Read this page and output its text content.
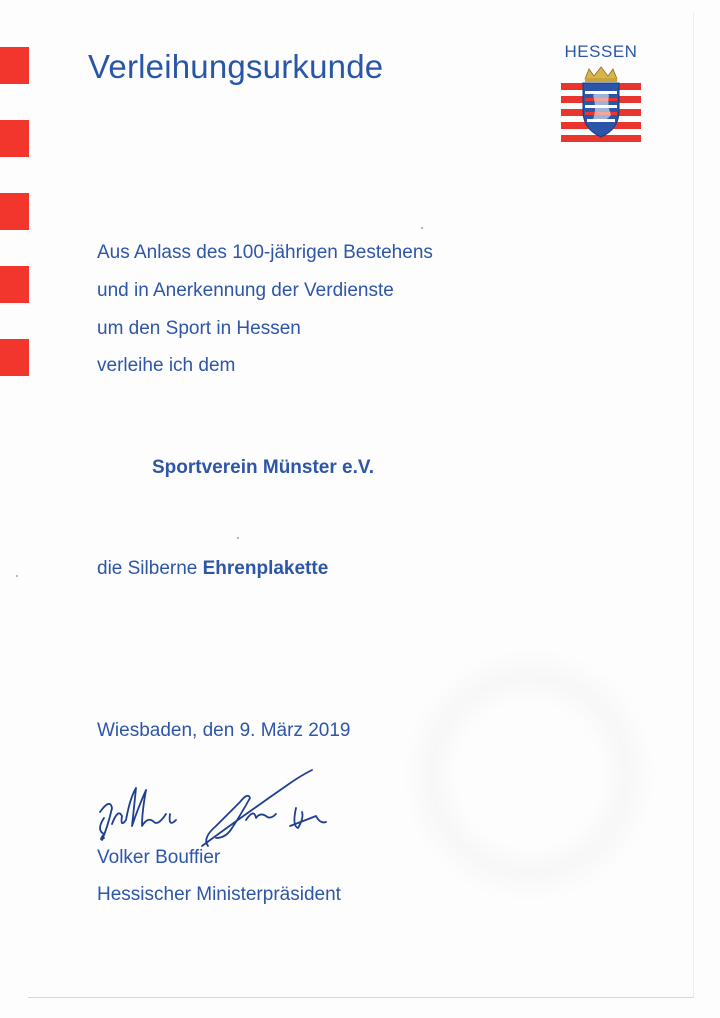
Verleihungsurkunde	HESSEN
Aus Anlass des 100-jährigen Bestehens
und in Anerkennung der Verdienste
um den Sport in Hessen
verleihe ich dem
Sportverein Münster e.V.
die Silberne Ehrenplakette
Wiesbaden, den 9. März 2019
Volker Bouffier
Hessischer Ministerpräsident
